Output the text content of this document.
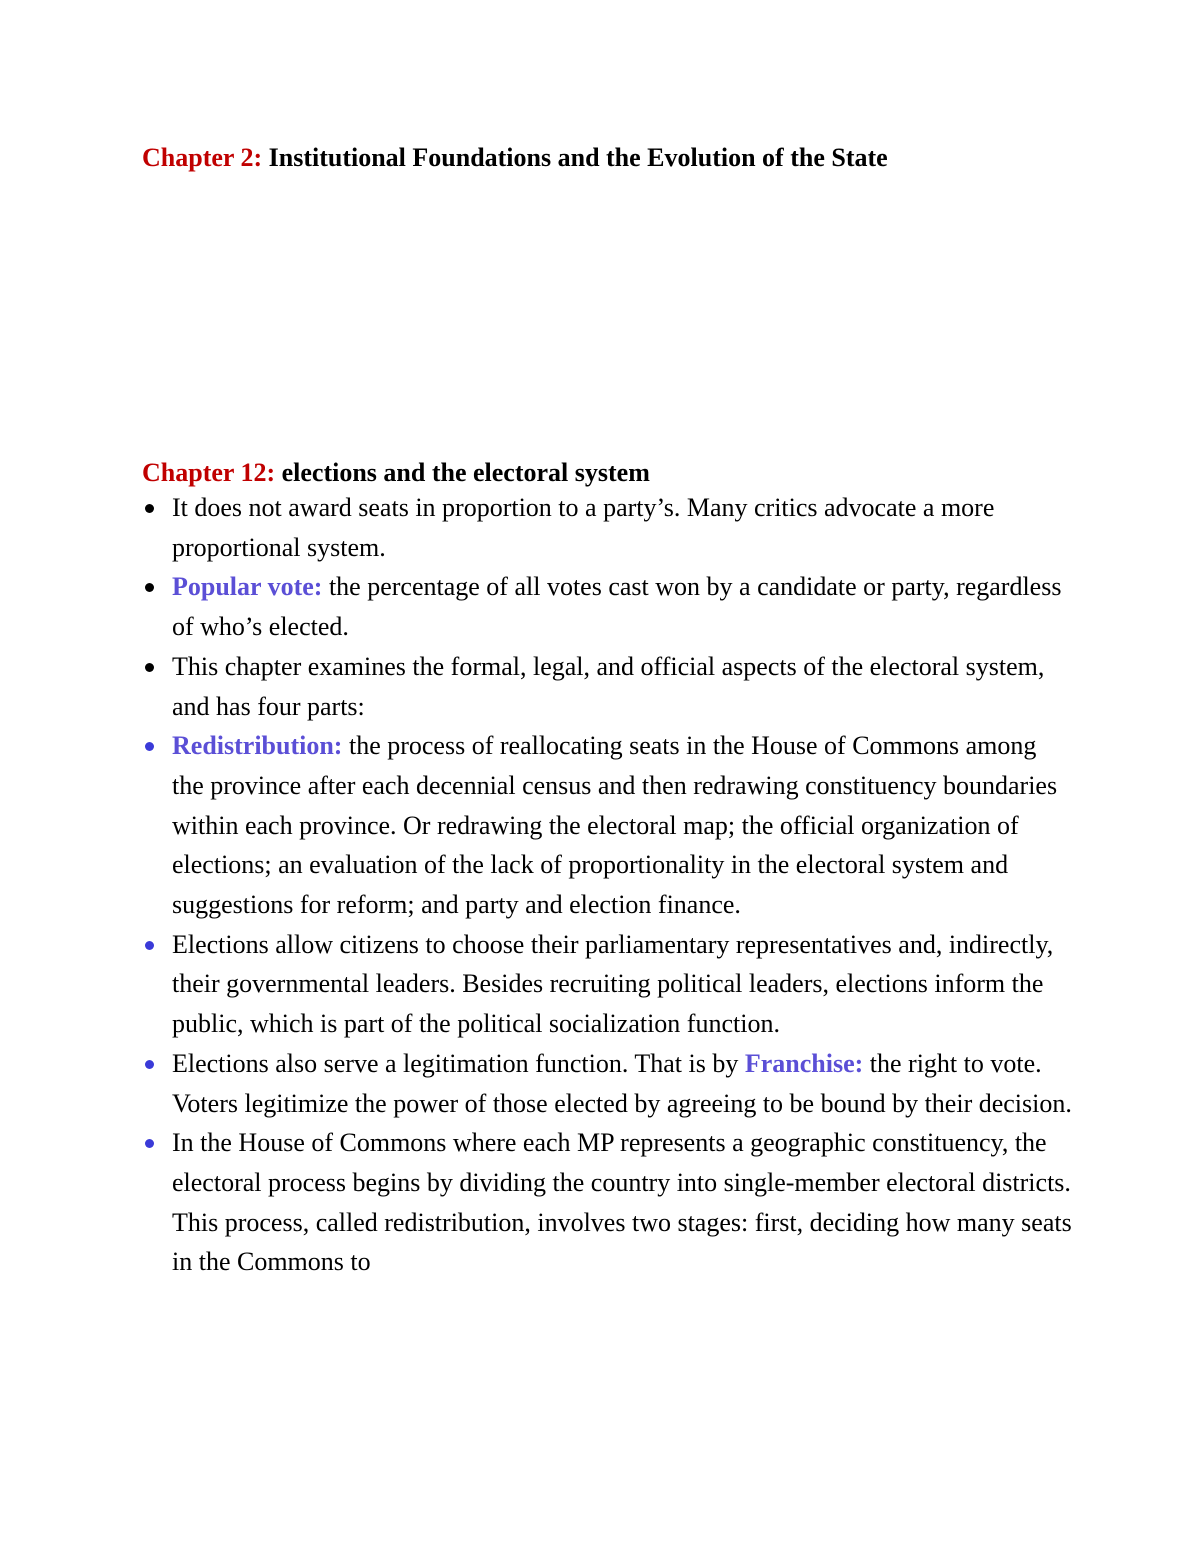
Chapter 2: Institutional Foundations and the Evolution of the State
Chapter 12: elections and the electoral system
It does not award seats in proportion to a party’s. Many critics advocate a more proportional system.
Popular vote: the percentage of all votes cast won by a candidate or party, regardless of who’s elected.
This chapter examines the formal, legal, and official aspects of the electoral system, and has four parts:
Redistribution: the process of reallocating seats in the House of Commons among the province after each decennial census and then redrawing constituency boundaries within each province. Or redrawing the electoral map; the official organization of elections; an evaluation of the lack of proportionality in the electoral system and suggestions for reform; and party and election finance.
Elections allow citizens to choose their parliamentary representatives and, indirectly, their governmental leaders. Besides recruiting political leaders, elections inform the public, which is part of the political socialization function.
Elections also serve a legitimation function. That is by Franchise: the right to vote. Voters legitimize the power of those elected by agreeing to be bound by their decision.
In the House of Commons where each MP represents a geographic constituency, the electoral process begins by dividing the country into single-member electoral districts. This process, called redistribution, involves two stages: first, deciding how many seats in the Commons to
